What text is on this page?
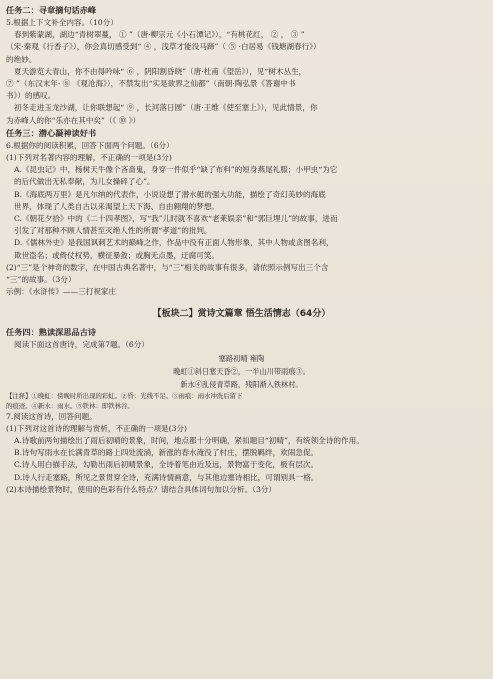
任务二：寻章摘句话赤峰

5.根据上下文补全内容。（10分）

春到紫蒙湖，湖边“青树翠蔓， ① ”（唐·柳宗元《小石潭记》），“有桃花红， ② ， ③ ”

（宋·秦观《行香子》），你会真切感受到“ ④ ，浅草才能没马蹄”（ ⑤ ·白居易《钱塘湖春行》）

的绝妙。

夏天游览大青山，你不由得吟咏“ ⑥ ，阴阳割昏晓”（唐·杜甫《望岳》），见“树木丛生，

⑦ ”（东汉末年· ⑧ 《观沧海》），不禁发出“实是欲界之仙都”（南朝·陶弘景《答谢中书

书》）的感叹。

初冬走进玉龙沙湖，让你联想起“ ⑨ ，长河落日圆”（唐·王维《使至塞上》），见此情景，你

为赤峰人的你“乐亦在其中矣”（《 ⑩ 》）

任务三：潜心凝神读好书

6.根据你的阅读积累，回答下面两个问题。（6分）

(1)下列对名著内容的理解，不正确的一项是(3分)

A.《昆虫记》中，杨树天牛像个吝啬鬼，身穿一件似乎“缺了布料”的短身燕尾礼服；小甲虫“为它

的后代做出无私奉献，为儿女操碎了心”。

B.《海底两万里》是凡尔纳的代表作，小说设想了潜水艇的强大功能，描绘了奇幻美妙的海底

世界，体现了人类自古以来渴望上天下海、自由翱翔的梦想。

C.《朝花夕拾》中的《二十四孝图》，写“我”儿时就不喜欢“老莱娱亲”和“郭巨埋儿”的故事，进而

引发了对那种不顾人情甚至灭绝人性的所谓“孝道”的批判。

D.《儒林外史》是我国讽刺艺术的巅峰之作，作品中没有正面人物形象，其中人物或贪图名利，

欺世盗名；或倚仗权势，横征暴敛；或胸无点墨，迂腐可笑。

(2)“三”是个神奇的数字，在中国古典名著中，与“三”相关的故事有很多，请依照示例写出三个含

“三”的故事。（3分）

示例：《水浒传》——三打祝家庄

【板块二】赏诗文篇章 悟生活情志（64分）
任务四：熟读深思品古诗

阅读下面这首唐诗，完成第7题。（6分）

塞路初晴 雍陶

晚虹①斜日塞天昏②，一半山川带雨痕③。

新水④乱侵青草路，残阳渐入铁林村。

【注释】①晚虹：傍晚时所出现的彩虹。②昏：光线不足。③雨痕：雨水冲洗后留下

的痕迹。④新水：雨水。⑤铁林：即铁林谷。

7.阅读这首诗，回答问题。

(1)下列对这首诗的理解与赏析，不正确的一项是(3分)

A.诗歌前两句描绘出了雨后初晴的景象，时间，地点都十分明确，紧扣题目“初晴”，有统领全诗的作用。

B.诗句写雨水在长满青草的路上四处流淌，新涨的春水淹没了村庄，摆脱羁绊，欢闹急促。

C.诗人用白描手法，勾勒出雨后初晴景象，全诗着笔由近及远，景物富于变化，极有层次。

D.诗人行走塞路，所见之景贯穿全诗，充满诗情画意，与其他边塞诗相比，可谓别具一格。

(2)本诗描绘景物时，使用的色彩有什么特点？请结合具体词句加以分析。（3分）
